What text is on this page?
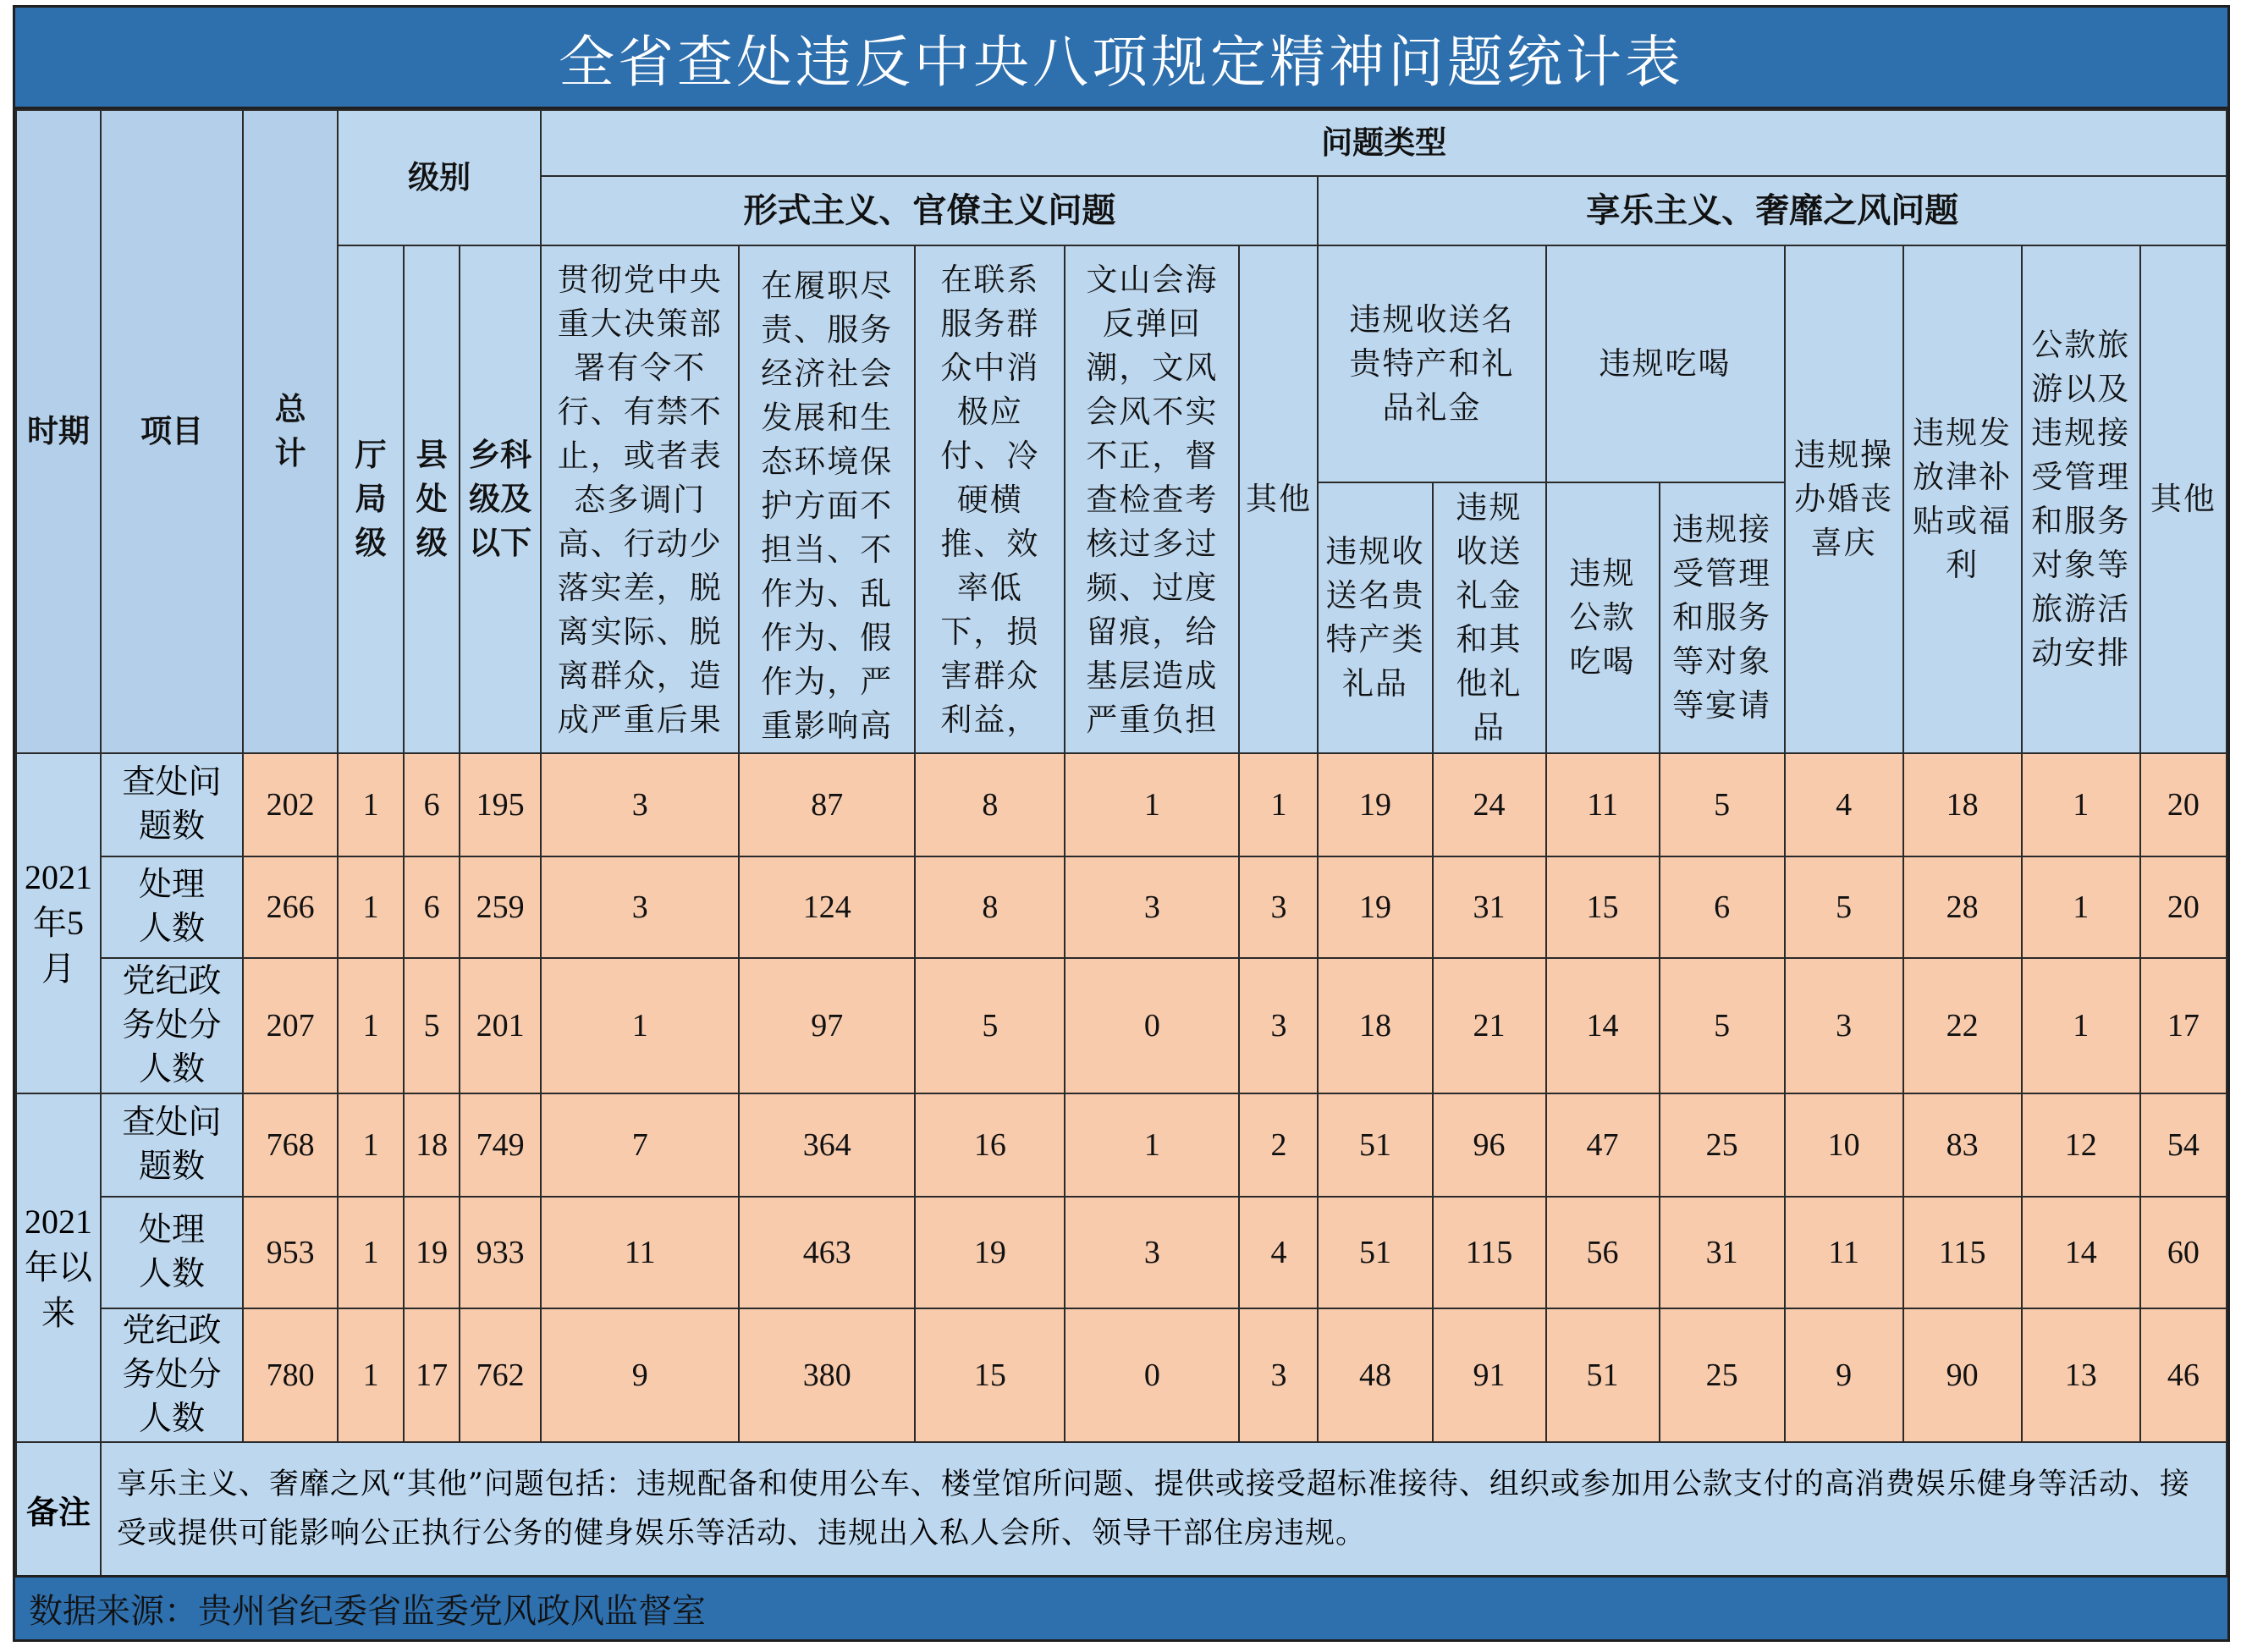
全省查处违反中央八项规定精神问题统计表
时期	项目	总计	级别			问题类型												
						形式主义、官僚主义问题					享乐主义、奢靡之风问题							

			厅局级	县处级	乡科级及以下	贯彻党中央重大决策部署有令不行、有禁不止，或者表态多调门高、行动少落实差，脱离实际、脱离群众，造成严重后果	在履职尽责、服务经济社会发展和生态环境保护方面不担当、不作为、乱作为、假作为，严重影响高	在联系服务群众中消极应付、冷硬横推、效率低下，损害群众利益，	文山会海反弹回潮，文风会风不实不正，督查检查考核过多过频、过度留痕，给基层造成严重负担	其他	违规收送名贵特产和礼品礼金		违规吃喝		违规操办婚丧喜庆	违规发放津补贴或福利	公款旅游以及违规接受管理和服务对象等旅游活动安排	其他

											违规收送名贵特产类礼品	违规收送礼金和其他礼品	违规公款吃喝	违规接受管理和服务等对象等宴请				

2021年5月	查处问题数	202	1	6	195	3	87	8	1	1	19	24	11	5	4	18	1	20

	处理人数	266	1	6	259	3	124	8	3	3	19	31	15	6	5	28	1	20

	党纪政务处分人数	207	1	5	201	1	97	5	0	3	18	21	14	5	3	22	1	17

2021年以来	查处问题数	768	1	18	749	7	364	16	1	2	51	96	47	25	10	83	12	54

	处理人数	953	1	19	933	11	463	19	3	4	51	115	56	31	11	115	14	60

	党纪政务处分人数	780	1	17	762	9	380	15	0	3	48	91	51	25	9	90	13	46
备注	享乐主义、奢靡之风“其他”问题包括：违规配备和使用公车、楼堂馆所问题、提供或接受超标准接待、组织或参加用公款支付的高消费娱乐健身等活动、接受或提供可能影响公正执行公务的健身娱乐等活动、违规出入私人会所、领导干部住房违规。																	
数据来源：贵州省纪委省监委党风政风监督室
